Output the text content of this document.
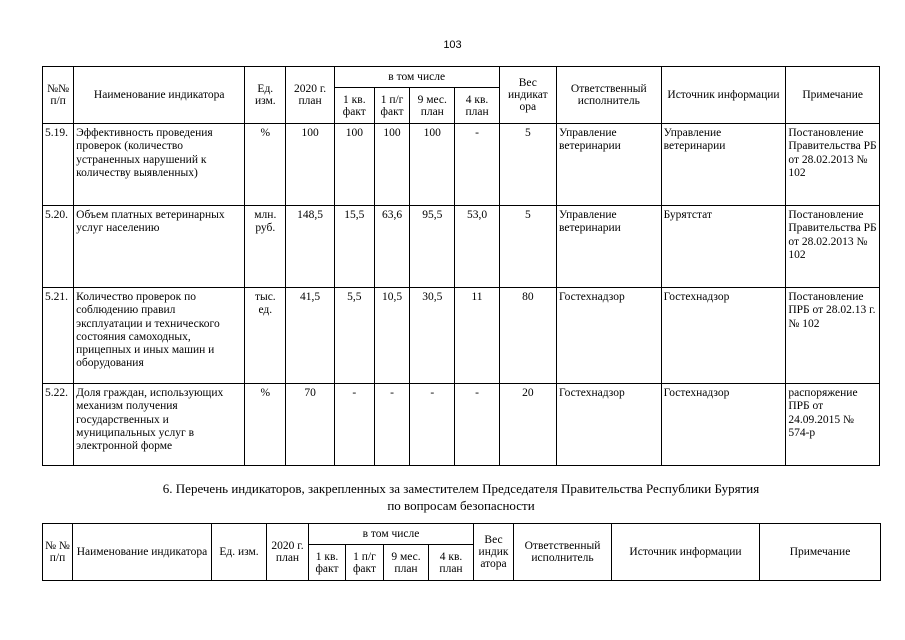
103
№№ п/п	Наименование индикатора	Ед. изм.	2020 г. план	в том числе				Вес индикат ора	Ответственный исполнитель	Источник информации	Примечание
				1 кв. факт	1 п/г факт	9 мес. план	4 кв. план				
5.19.	Эффективность проведения проверок (количество устраненных нарушений к количеству выявленных)	%	100	100	100	100	-	5	Управление ветеринарии	Управление ветеринарии	Постановление Правительства РБ от 28.02.2013 № 102
5.20.	Объем платных ветеринарных услуг населению	млн. руб.	148,5	15,5	63,6	95,5	53,0	5	Управление ветеринарии	Бурятстат	Постановление Правительства РБ от 28.02.2013 № 102
5.21.	Количество проверок по соблюдению правил эксплуатации и технического состояния самоходных, прицепных и иных машин и оборудования	тыс. ед.	41,5	5,5	10,5	30,5	11	80	Гостехнадзор	Гостехнадзор	Постановление ПРБ от 28.02.13 г. № 102
5.22.	Доля граждан, использующих механизм получения государственных и муниципальных услуг в электронной форме	%	70	-	-	-	-	20	Гостехнадзор	Гостехнадзор	распоряжение ПРБ от 24.09.2015 № 574-р
6. Перечень индикаторов, закрепленных за заместителем Председателя Правительства Республики Бурятия
по вопросам безопасности
№ № п/п	Наименование индикатора	Ед. изм.	2020 г. план	в том числе				Вес индик атора	Ответственный исполнитель	Источник информации	Примечание
				1 кв. факт	1 п/г факт	9 мес. план	4 кв. план				
